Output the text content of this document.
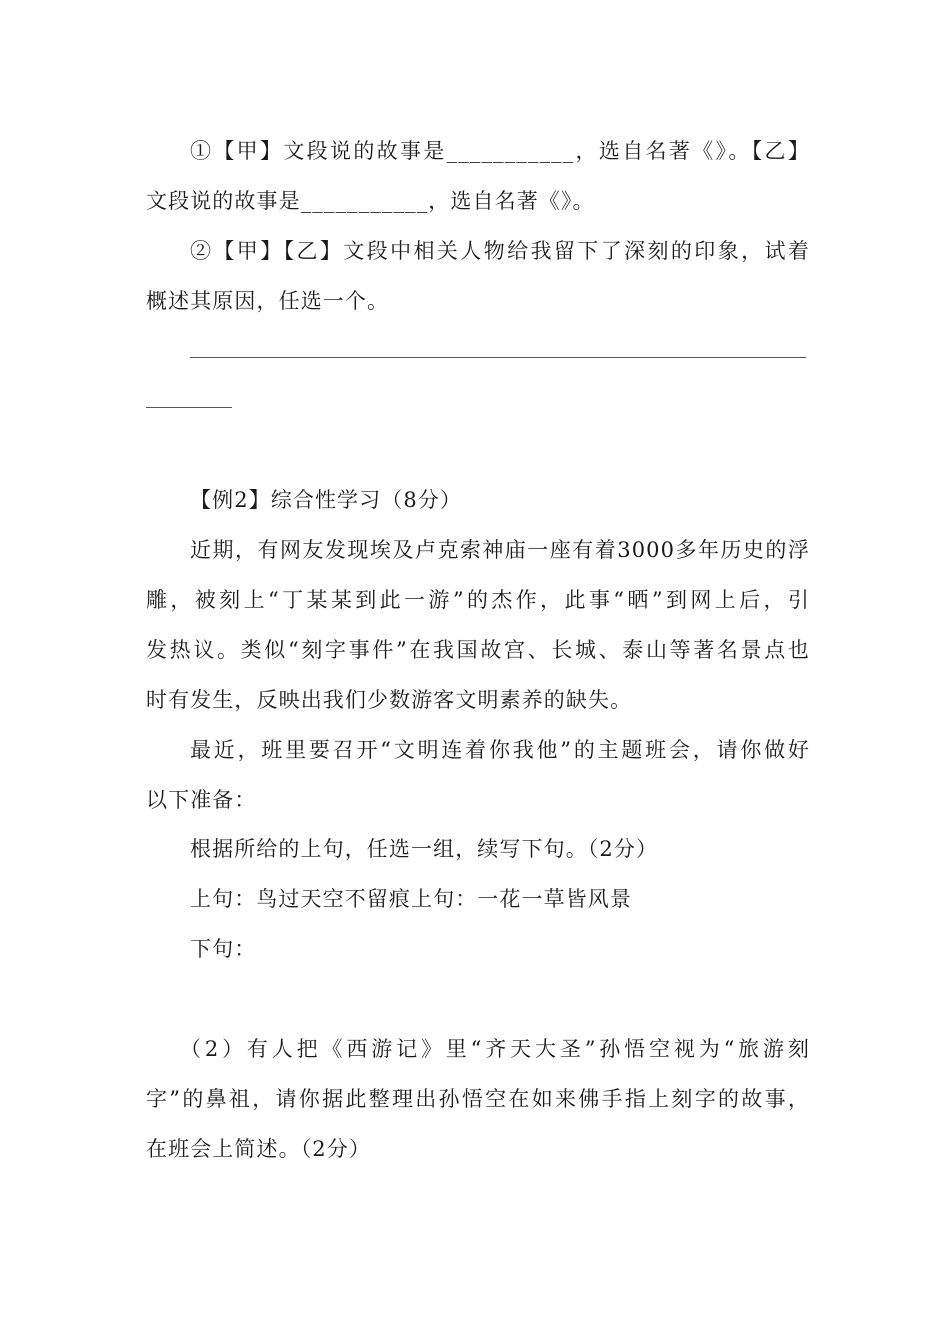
①【甲】文段说的故事是___________，选自名著《》。【乙】
文段说的故事是___________，选自名著《》。
②【甲】【乙】文段中相关人物给我留下了深刻的印象，试着
概述其原因，任选一个。
【例2】综合性学习（8分）
近期，有网友发现埃及卢克索神庙一座有着3000多年历史的浮
雕，被刻上“丁某某到此一游”的杰作，此事“晒”到网上后，引
发热议。类似“刻字事件”在我国故宫、长城、泰山等著名景点也
时有发生，反映出我们少数游客文明素养的缺失。
最近，班里要召开“文明连着你我他”的主题班会，请你做好
以下准备：
根据所给的上句，任选一组，续写下句。（2分）
上句：鸟过天空不留痕上句：一花一草皆风景
下句：
（2）有人把《西游记》里“齐天大圣”孙悟空视为“旅游刻
字”的鼻祖，请你据此整理出孙悟空在如来佛手指上刻字的故事，
在班会上简述。（2分）
